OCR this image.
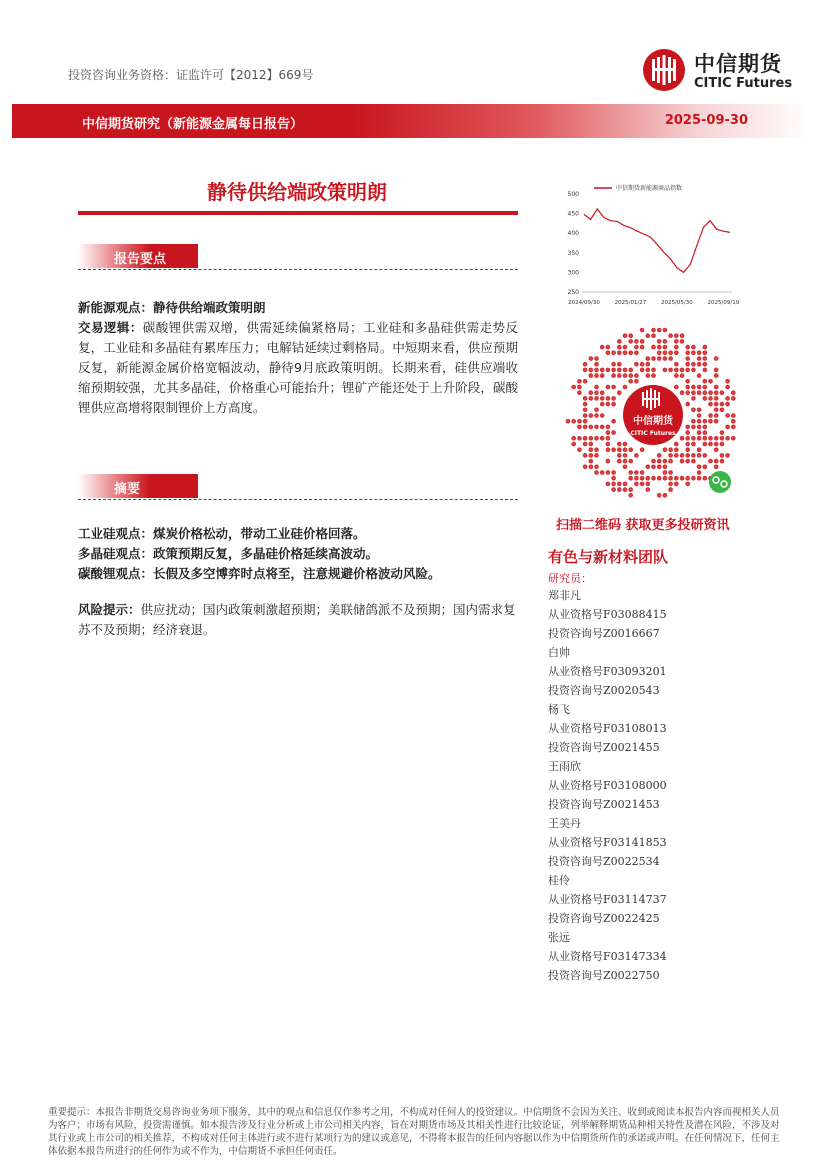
投资咨询业务资格：证监许可【2012】669号	中信期货
CITIC Futures
中信期货研究（新能源金属每日报告）	2025-09-30
静待供给端政策明朗
报告要点
新能源观点：静待供给端政策明朗
交易逻辑：碳酸锂供需双增，供需延续偏紧格局；工业硅和多晶硅供需走势反复，工业硅和多晶硅有累库压力；电解钴延续过剩格局。中短期来看，供应预期反复，新能源金属价格宽幅波动，静待9月底政策明朗。长期来看，硅供应端收缩预期较强，尤其多晶硅，价格重心可能抬升；锂矿产能还处于上升阶段，碳酸锂供应高增将限制锂价上方高度。
摘要
工业硅观点：煤炭价格松动，带动工业硅价格回落。
多晶硅观点：政策预期反复，多晶硅价格延续高波动。
碳酸锂观点：长假及多空博弈时点将至，注意规避价格波动风险。
风险提示：供应扰动；国内政策刺激超预期；美联储鸽派不及预期；国内需求复苏不及预期；经济衰退。
中信期货新能源商品指数
250
300
350
400
450
500
2024/09/30	2025/01/27	2025/05/30	2025/09/19
中信期货
CITIC Futures
扫描二维码 获取更多投研资讯
有色与新材料团队
研究员：
郑非凡
从业资格号F03088415
投资咨询号Z0016667
白帅
从业资格号F03093201
投资咨询号Z0020543
杨飞
从业资格号F03108013
投资咨询号Z0021455
王雨欣
从业资格号F03108000
投资咨询号Z0021453
王美丹
从业资格号F03141853
投资咨询号Z0022534
桂伶
从业资格号F03114737
投资咨询号Z0022425
张远
从业资格号F03147334
投资咨询号Z0022750
重要提示：本报告非期货交易咨询业务项下服务，其中的观点和信息仅作参考之用，不构成对任何人的投资建议。中信期货不会因为关注、收到或阅读本报告内容而视相关人员为客户；市场有风险，投资需谨慎。如本报告涉及行业分析或上市公司相关内容，旨在对期货市场及其相关性进行比较论证，列举解释期货品种相关特性及潜在风险，不涉及对其行业或上市公司的相关推荐，不构成对任何主体进行或不进行某项行为的建议或意见，不得将本报告的任何内容据以作为中信期货所作的承诺或声明。在任何情况下，任何主体依据本报告所进行的任何作为或不作为，中信期货不承担任何责任。
